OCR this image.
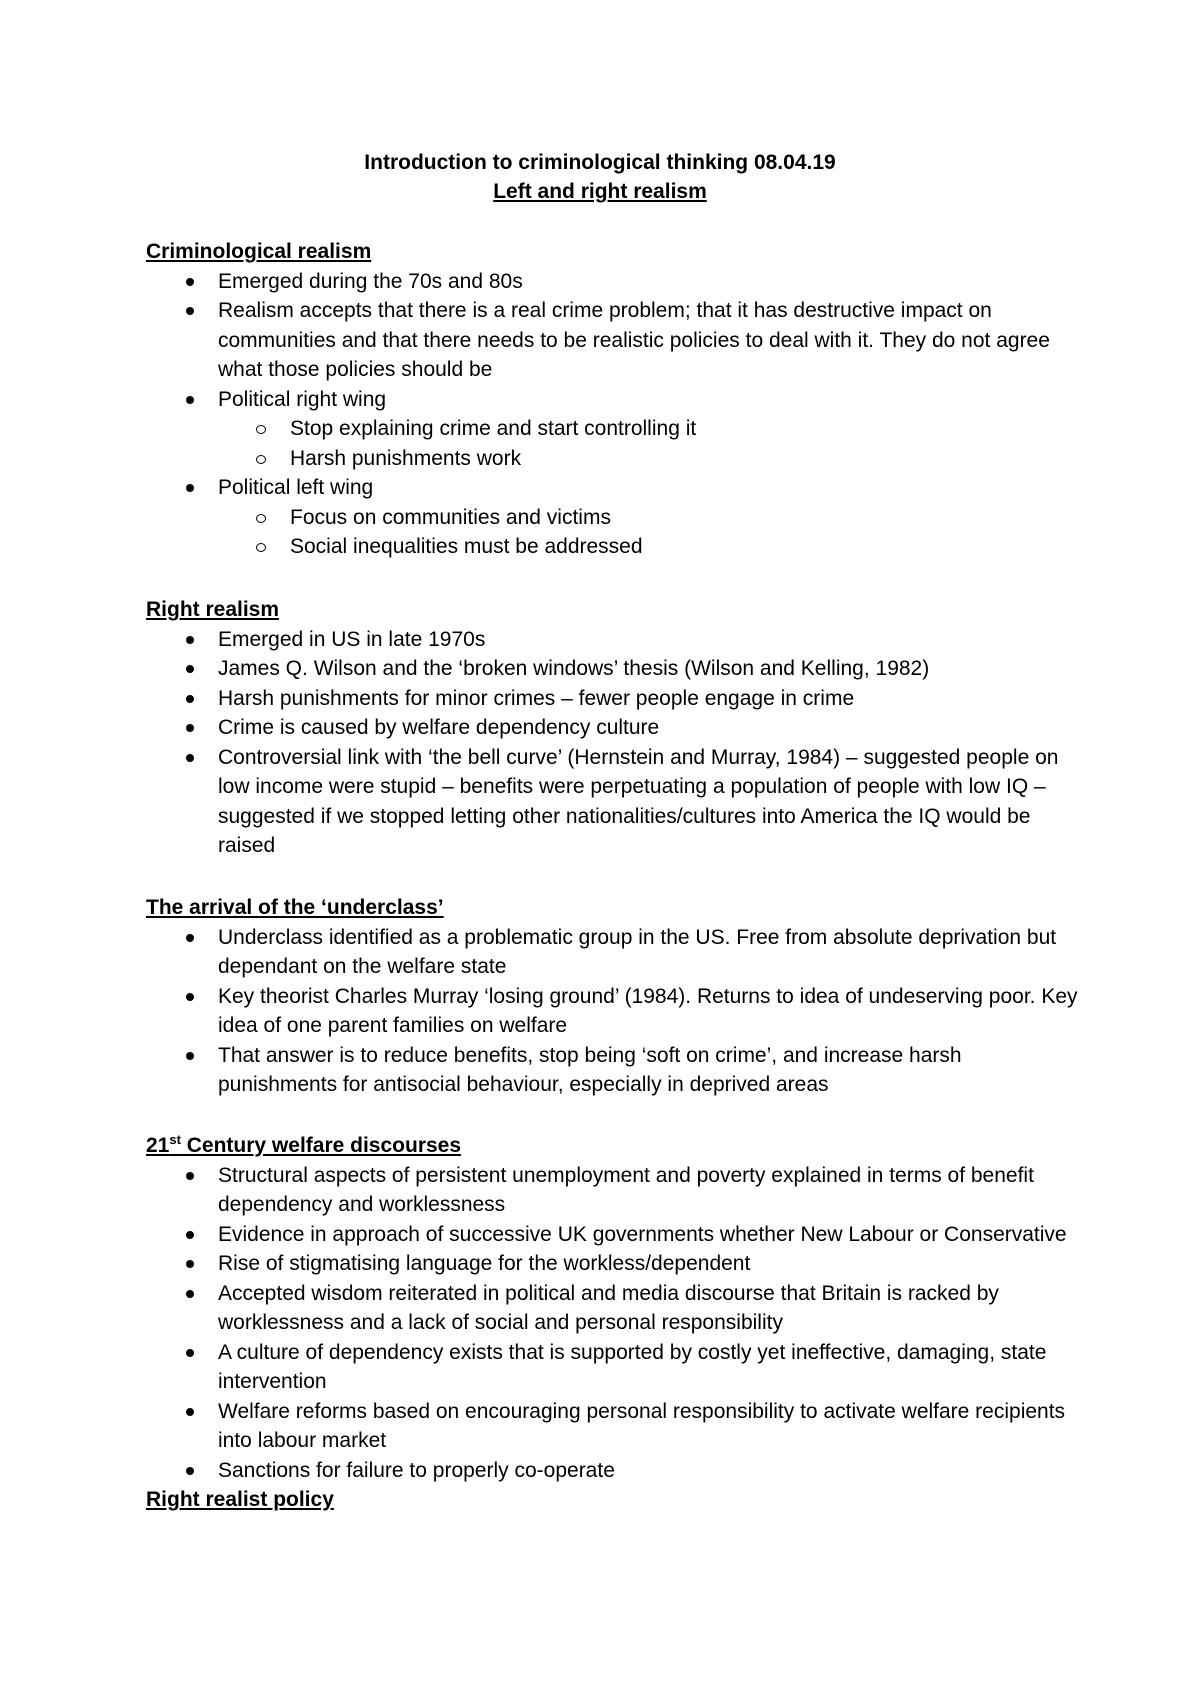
Introduction to criminological thinking 08.04.19
Left and right realism
Criminological realism
Emerged during the 70s and 80s
Realism accepts that there is a real crime problem; that it has destructive impact on communities and that there needs to be realistic policies to deal with it. They do not agree what those policies should be
Political right wing
Stop explaining crime and start controlling it
Harsh punishments work
Political left wing
Focus on communities and victims
Social inequalities must be addressed
Right realism
Emerged in US in late 1970s
James Q. Wilson and the ‘broken windows’ thesis (Wilson and Kelling, 1982)
Harsh punishments for minor crimes – fewer people engage in crime
Crime is caused by welfare dependency culture
Controversial link with ‘the bell curve’ (Hernstein and Murray, 1984) – suggested people on low income were stupid – benefits were perpetuating a population of people with low IQ – suggested if we stopped letting other nationalities/cultures into America the IQ would be raised
The arrival of the ‘underclass’
Underclass identified as a problematic group in the US. Free from absolute deprivation but dependant on the welfare state
Key theorist Charles Murray ‘losing ground’ (1984). Returns to idea of undeserving poor. Key idea of one parent families on welfare
That answer is to reduce benefits, stop being ‘soft on crime’, and increase harsh punishments for antisocial behaviour, especially in deprived areas
21st Century welfare discourses
Structural aspects of persistent unemployment and poverty explained in terms of benefit dependency and worklessness
Evidence in approach of successive UK governments whether New Labour or Conservative
Rise of stigmatising language for the workless/dependent
Accepted wisdom reiterated in political and media discourse that Britain is racked by worklessness and a lack of social and personal responsibility
A culture of dependency exists that is supported by costly yet ineffective, damaging, state intervention
Welfare reforms based on encouraging personal responsibility to activate welfare recipients into labour market
Sanctions for failure to properly co-operate
Right realist policy
